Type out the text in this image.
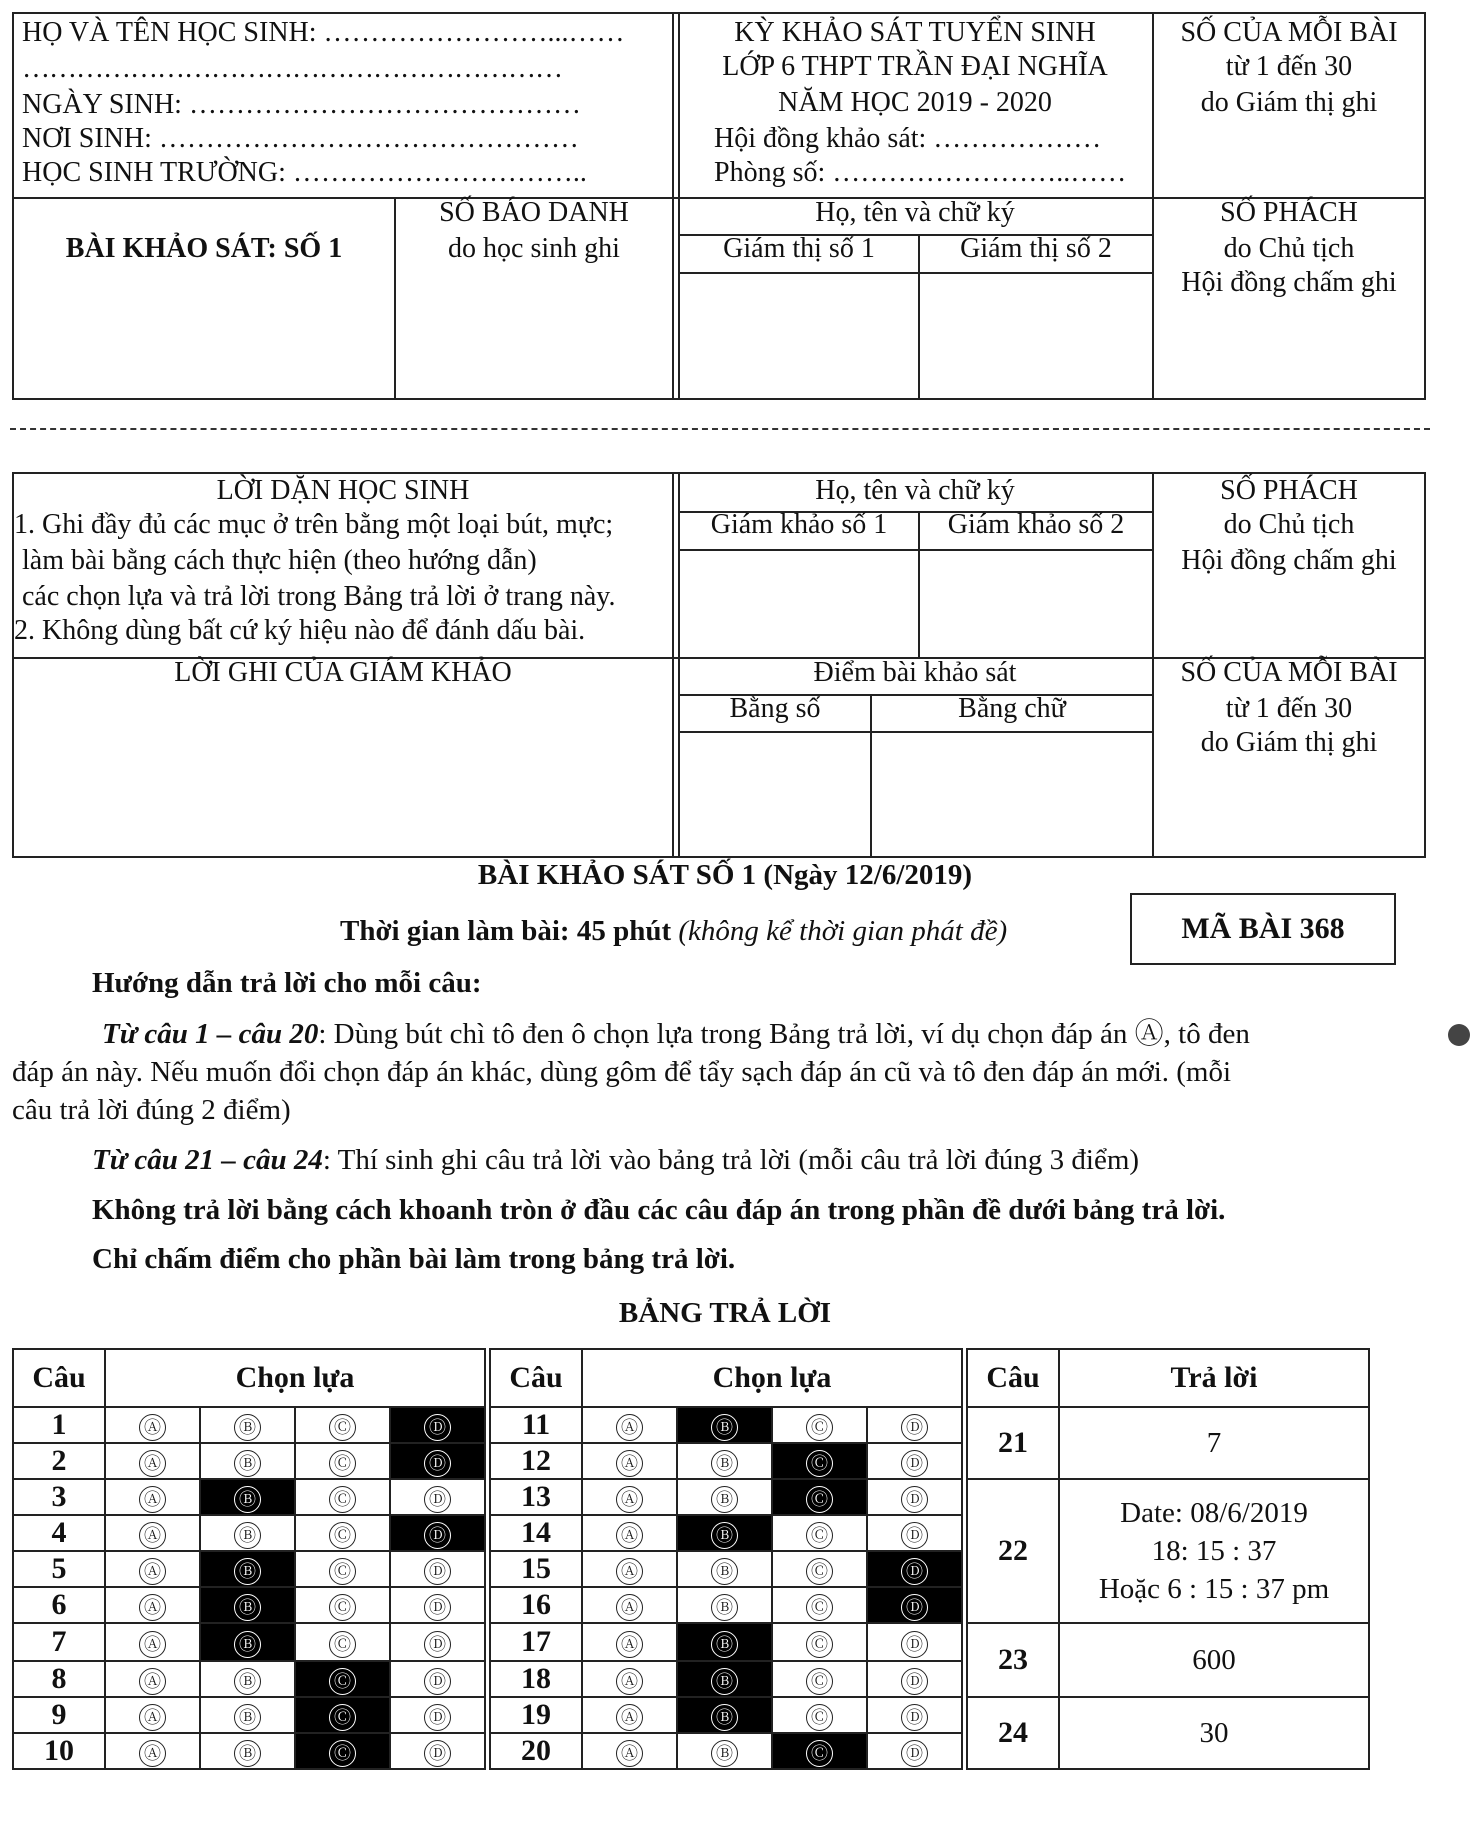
HỌ VÀ TÊN HỌC SINH: ……………………...……
……………………………………………………
NGÀY SINH: ……………………………………
NƠI SINH: ………………………………………
HỌC SINH TRƯỜNG: …………………………..
KỲ KHẢO SÁT TUYỂN SINH
LỚP 6 THPT TRẦN ĐẠI NGHĨA
NĂM HỌC 2019 - 2020
Hội đồng khảo sát: ………………
Phòng số: ……………………..……
SỐ CỦA MỖI BÀI
từ 1 đến 30
do Giám thị ghi
BÀI KHẢO SÁT: SỐ 1
SỐ BÁO DANH
do học sinh ghi
Họ, tên và chữ ký
Giám thị số 1	Giám thị số 2
SỐ PHÁCH
do Chủ tịch
Hội đồng chấm ghi
LỜI DẶN HỌC SINH
1. Ghi đầy đủ các mục ở trên bằng một loại bút, mực;
làm bài bằng cách thực hiện (theo hướng dẫn)
các chọn lựa và trả lời trong Bảng trả lời ở trang này.
2. Không dùng bất cứ ký hiệu nào để đánh dấu bài.
Họ, tên và chữ ký
Giám khảo số 1	Giám khảo số 2
SỐ PHÁCH
do Chủ tịch
Hội đồng chấm ghi
LỜI GHI CỦA GIÁM KHẢO	Điểm bài khảo sát
Bằng số	Bằng chữ
SỐ CỦA MỖI BÀI
từ 1 đến 30
do Giám thị ghi
BÀI KHẢO SÁT SỐ 1 (Ngày 12/6/2019)
Thời gian làm bài: 45 phút (không kể thời gian phát đề)	MÃ BÀI 368
Hướng dẫn trả lời cho mỗi câu:
Từ câu 1 – câu 20: Dùng bút chì tô đen ô chọn lựa trong Bảng trả lời, ví dụ chọn đáp án Ⓐ, tô đen
đáp án này. Nếu muốn đổi chọn đáp án khác, dùng gôm để tẩy sạch đáp án cũ và tô đen đáp án mới. (mỗi
câu trả lời đúng 2 điểm)
Từ câu 21 – câu 24: Thí sinh ghi câu trả lời vào bảng trả lời (mỗi câu trả lời đúng 3 điểm)
Không trả lời bằng cách khoanh tròn ở đầu các câu đáp án trong phần đề dưới bảng trả lời.
Chỉ chấm điểm cho phần bài làm trong bảng trả lời.
BẢNG TRẢ LỜI
Câu	Chọn lựa					Câu	Chọn lựa					Câu	Trả lời
1	Ⓐ	Ⓑ	Ⓒ	Ⓓ		11	Ⓐ	Ⓑ	Ⓒ	Ⓓ		21	7

2	Ⓐ	Ⓑ	Ⓒ	Ⓓ		12	Ⓐ	Ⓑ	Ⓒ	Ⓓ			
3	Ⓐ	Ⓑ	Ⓒ	Ⓓ		13	Ⓐ	Ⓑ	Ⓒ	Ⓓ		22	Date: 08/6/2019
18: 15 : 37
Hoặc 6 : 15 : 37 pm

4	Ⓐ	Ⓑ	Ⓒ	Ⓓ		14	Ⓐ	Ⓑ	Ⓒ	Ⓓ			
5	Ⓐ	Ⓑ	Ⓒ	Ⓓ		15	Ⓐ	Ⓑ	Ⓒ	Ⓓ			
6	Ⓐ	Ⓑ	Ⓒ	Ⓓ		16	Ⓐ	Ⓑ	Ⓒ	Ⓓ			
7	Ⓐ	Ⓑ	Ⓒ	Ⓓ		17	Ⓐ	Ⓑ	Ⓒ	Ⓓ		23	600

8	Ⓐ	Ⓑ	Ⓒ	Ⓓ		18	Ⓐ	Ⓑ	Ⓒ	Ⓓ			
9	Ⓐ	Ⓑ	Ⓒ	Ⓓ		19	Ⓐ	Ⓑ	Ⓒ	Ⓓ		24	30

10	Ⓐ	Ⓑ	Ⓒ	Ⓓ		20	Ⓐ	Ⓑ	Ⓒ	Ⓓ			
